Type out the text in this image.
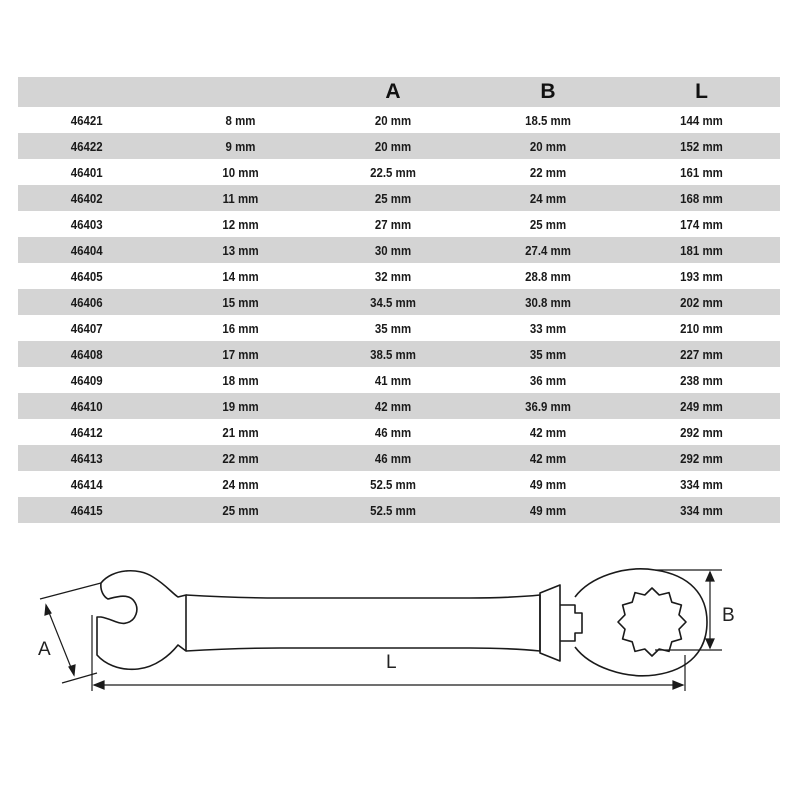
		A	B	L
46421	8 mm	20 mm	18.5 mm	144 mm
46422	9 mm	20 mm	20 mm	152 mm
46401	10 mm	22.5 mm	22 mm	161 mm
46402	11 mm	25 mm	24 mm	168 mm
46403	12 mm	27 mm	25 mm	174 mm
46404	13 mm	30 mm	27.4 mm	181 mm
46405	14 mm	32 mm	28.8 mm	193 mm
46406	15 mm	34.5 mm	30.8 mm	202 mm
46407	16 mm	35 mm	33 mm	210 mm
46408	17 mm	38.5 mm	35 mm	227 mm
46409	18 mm	41 mm	36 mm	238 mm
46410	19 mm	42 mm	36.9 mm	249 mm
46412	21 mm	46 mm	42 mm	292 mm
46413	22 mm	46 mm	42 mm	292 mm
46414	24 mm	52.5 mm	49 mm	334 mm
46415	25 mm	52.5 mm	49 mm	334 mm
A
B
L
